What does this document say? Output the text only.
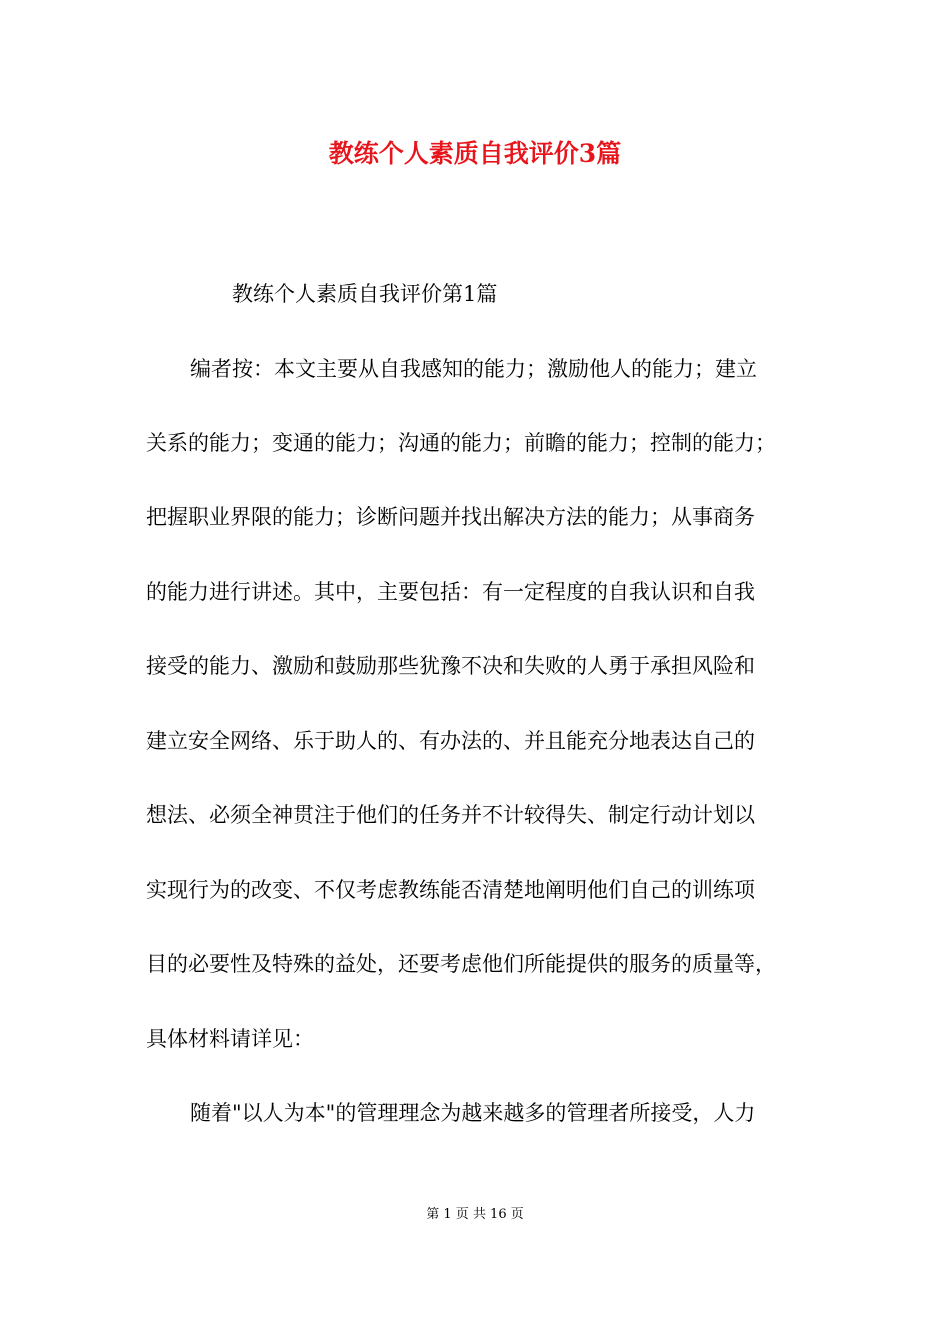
教练个人素质自我评价3篇
教练个人素质自我评价第1篇
编者按：本文主要从自我感知的能力；激励他人的能力；建立
关系的能力；变通的能力；沟通的能力；前瞻的能力；控制的能力；
把握职业界限的能力；诊断问题并找出解决方法的能力；从事商务
的能力进行讲述。其中，主要包括：有一定程度的自我认识和自我
接受的能力、激励和鼓励那些犹豫不决和失败的人勇于承担风险和
建立安全网络、乐于助人的、有办法的、并且能充分地表达自己的
想法、必须全神贯注于他们的任务并不计较得失、制定行动计划以
实现行为的改变、不仅考虑教练能否清楚地阐明他们自己的训练项
目的必要性及特殊的益处，还要考虑他们所能提供的服务的质量等，
具体材料请详见：
随着"以人为本"的管理理念为越来越多的管理者所接受，人力
第 1 页 共 16 页
